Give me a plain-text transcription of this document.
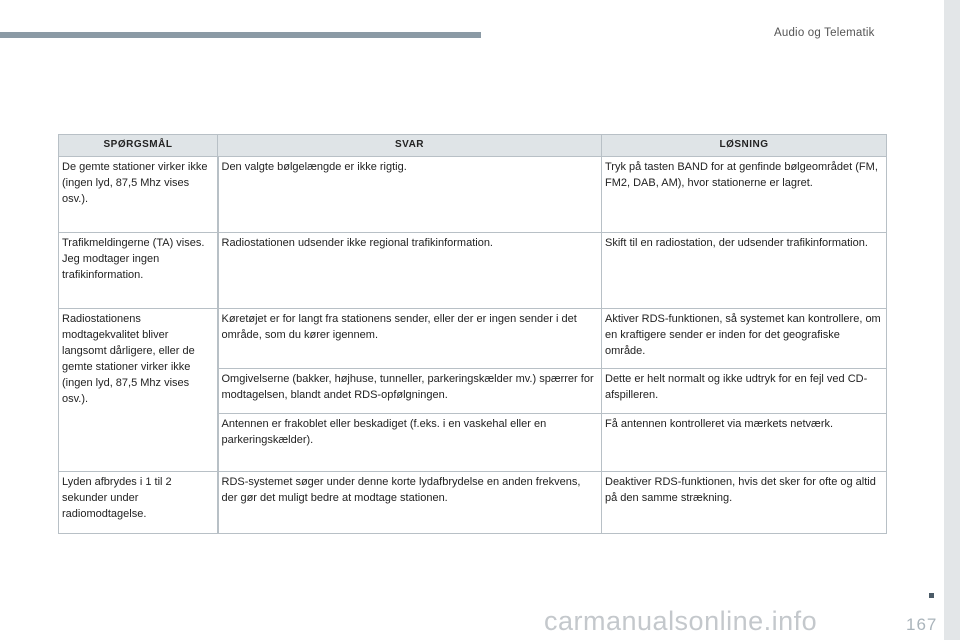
Audio og Telematik
SPØRGSMÅL	SVAR	LØSNING
De gemte stationer virker ikke (ingen lyd, 87,5 Mhz vises osv.).	Den valgte bølgelængde er ikke rigtig.	Tryk på tasten BAND for at genfinde bølgeområdet (FM, FM2, DAB, AM), hvor stationerne er lagret.
Trafikmeldingerne (TA) vises. Jeg modtager ingen trafikinformation.	Radiostationen udsender ikke regional trafikinformation.	Skift til en radiostation, der udsender trafikinformation.
Radiostationens modtagekvalitet bliver langsomt dårligere, eller de gemte stationer virker ikke (ingen lyd, 87,5 Mhz vises osv.).	Køretøjet er for langt fra stationens sender, eller der er ingen sender i det område, som du kører igennem.	Aktiver RDS-funktionen, så systemet kan kontrollere, om en kraftigere sender er inden for det geografiske område.
	Omgivelserne (bakker, højhuse, tunneller, parkeringskælder mv.) spærrer for modtagelsen, blandt andet RDS-opfølgningen.	Dette er helt normalt og ikke udtryk for en fejl ved CD-afspilleren.
	Antennen er frakoblet eller beskadiget (f.eks. i en vaskehal eller en parkeringskælder).	Få antennen kontrolleret via mærkets netværk.
Lyden afbrydes i 1 til 2 sekunder under radiomodtagelse.	RDS-systemet søger under denne korte lydafbrydelse en anden frekvens, der gør det muligt bedre at modtage stationen.	Deaktiver RDS-funktionen, hvis det sker for ofte og altid på den samme strækning.
carmanualsonline.info	167
